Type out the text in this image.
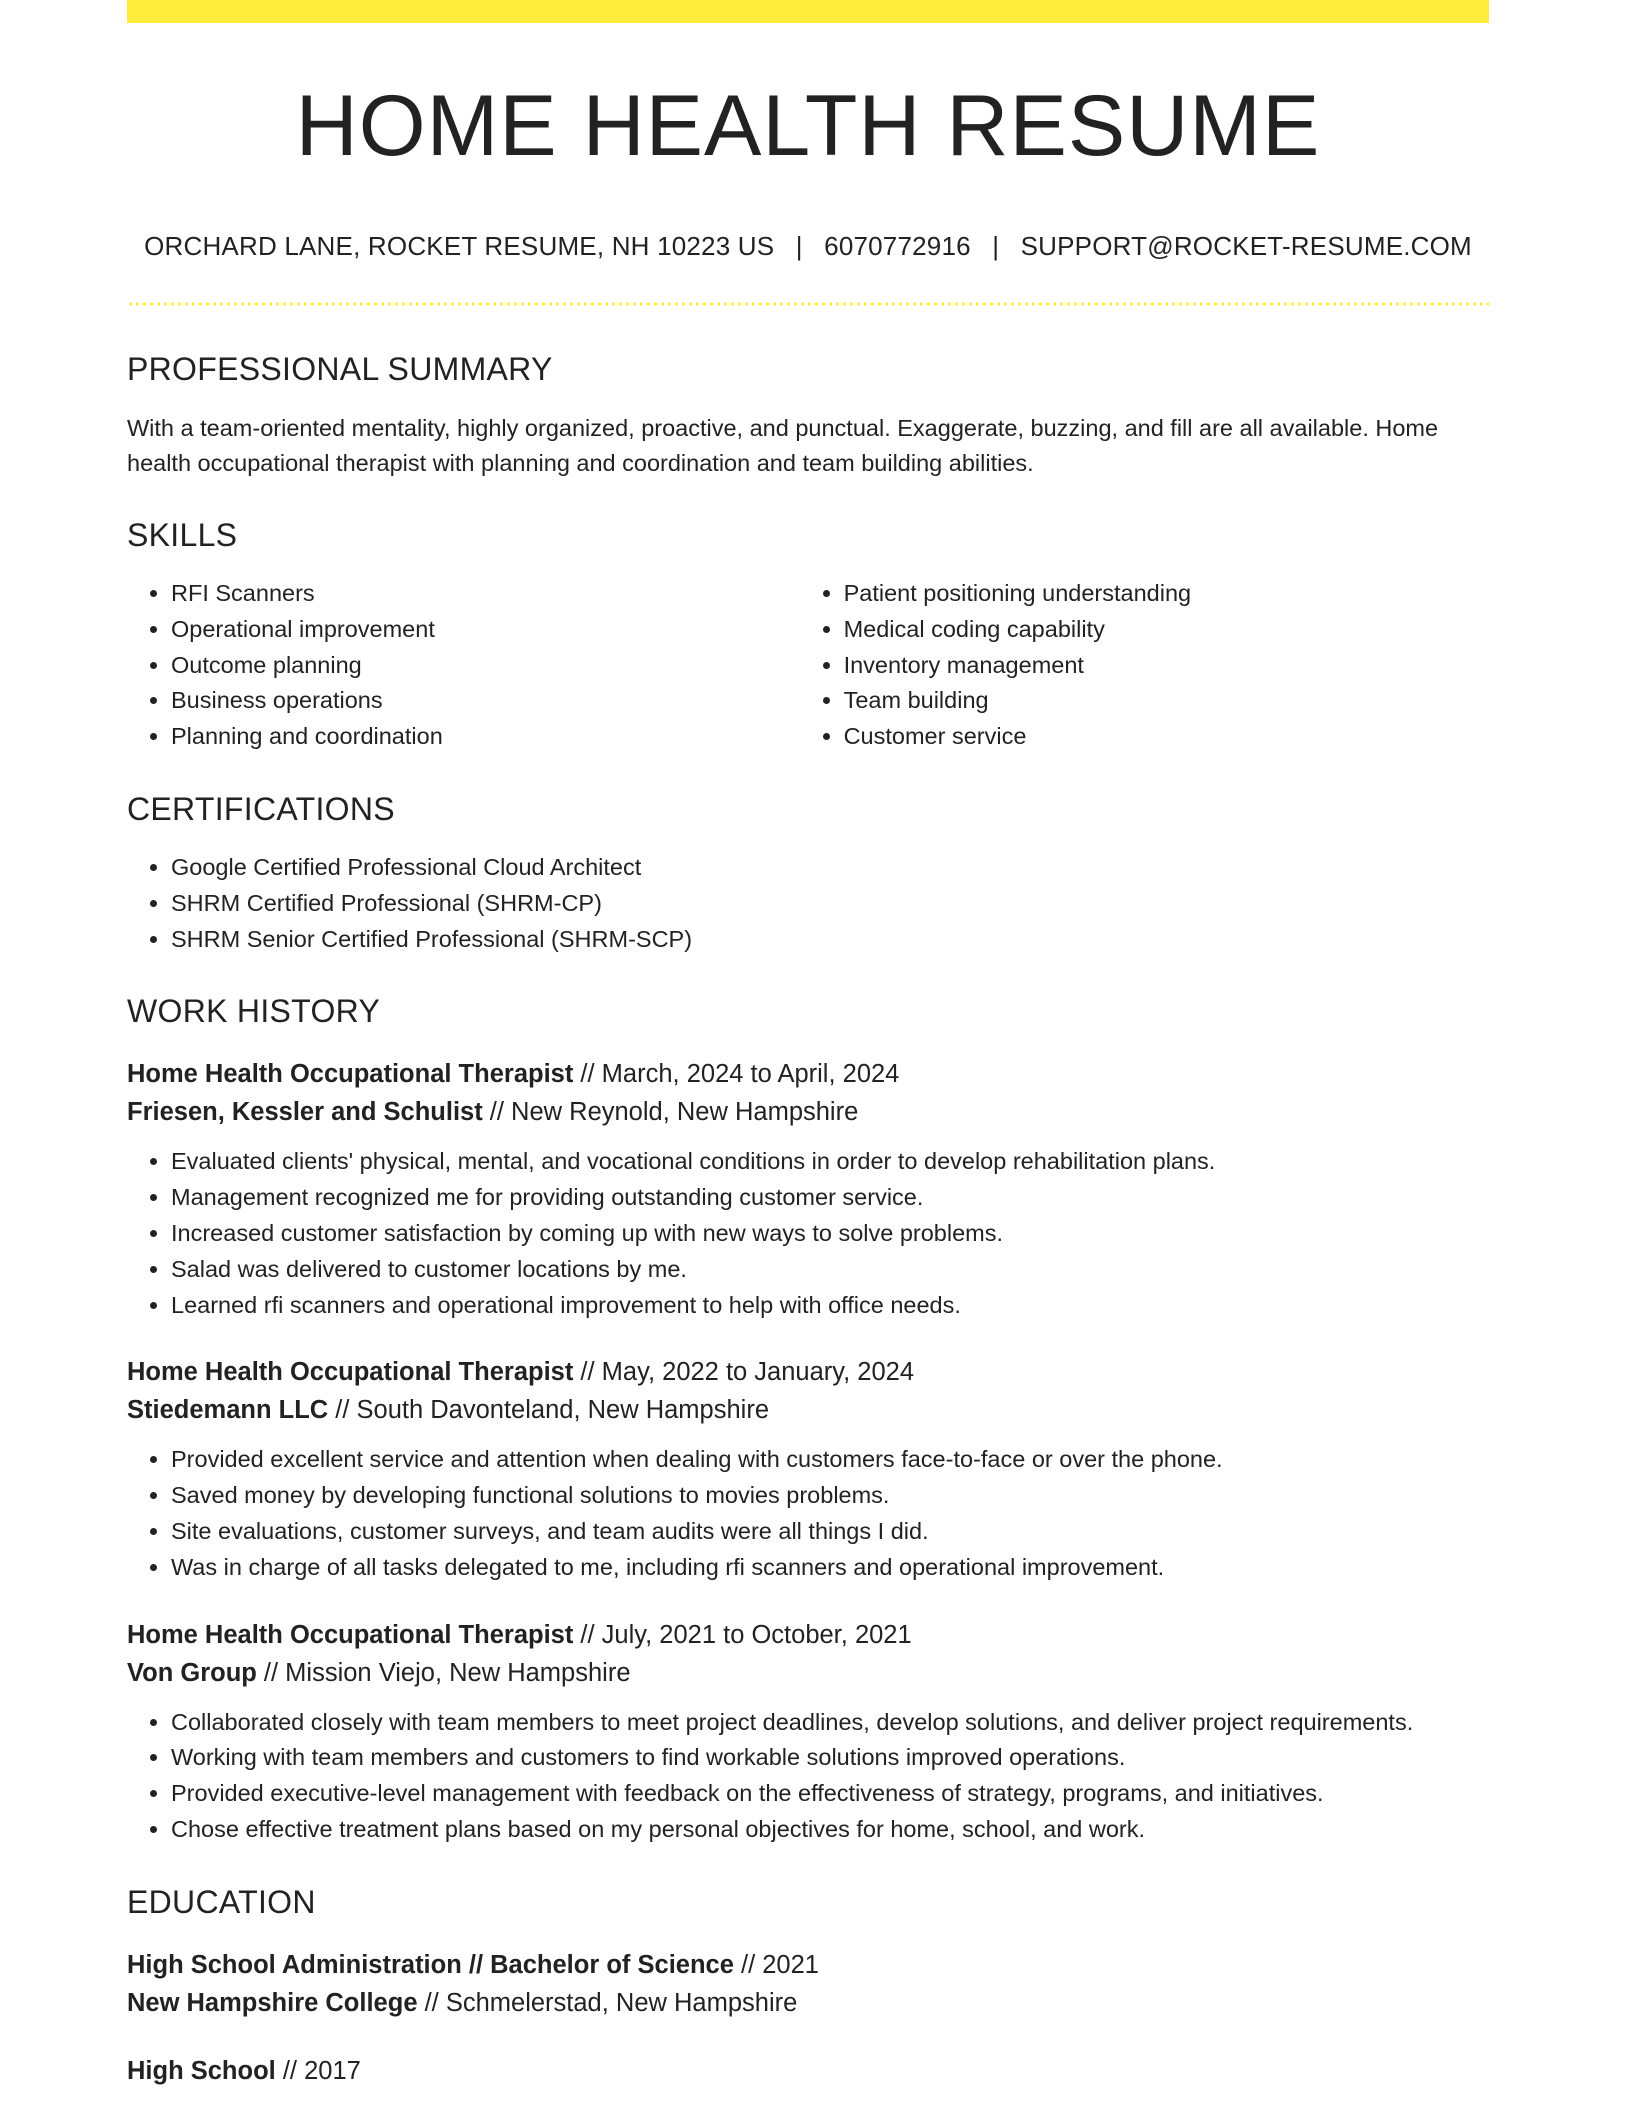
HOME HEALTH RESUME
ORCHARD LANE, ROCKET RESUME, NH 10223 US | 6070772916 | SUPPORT@ROCKET-RESUME.COM
PROFESSIONAL SUMMARY
With a team-oriented mentality, highly organized, proactive, and punctual. Exaggerate, buzzing, and fill are all available. Home health occupational therapist with planning and coordination and team building abilities.
SKILLS
• RFI Scanners
• Operational improvement
• Outcome planning
• Business operations
• Planning and coordination
• Patient positioning understanding
• Medical coding capability
• Inventory management
• Team building
• Customer service
CERTIFICATIONS
• Google Certified Professional Cloud Architect
• SHRM Certified Professional (SHRM-CP)
• SHRM Senior Certified Professional (SHRM-SCP)
WORK HISTORY
Home Health Occupational Therapist // March, 2024 to April, 2024
Friesen, Kessler and Schulist // New Reynold, New Hampshire
• Evaluated clients' physical, mental, and vocational conditions in order to develop rehabilitation plans.
• Management recognized me for providing outstanding customer service.
• Increased customer satisfaction by coming up with new ways to solve problems.
• Salad was delivered to customer locations by me.
• Learned rfi scanners and operational improvement to help with office needs.
Home Health Occupational Therapist // May, 2022 to January, 2024
Stiedemann LLC // South Davonteland, New Hampshire
• Provided excellent service and attention when dealing with customers face-to-face or over the phone.
• Saved money by developing functional solutions to movies problems.
• Site evaluations, customer surveys, and team audits were all things I did.
• Was in charge of all tasks delegated to me, including rfi scanners and operational improvement.
Home Health Occupational Therapist // July, 2021 to October, 2021
Von Group // Mission Viejo, New Hampshire
• Collaborated closely with team members to meet project deadlines, develop solutions, and deliver project requirements.
• Working with team members and customers to find workable solutions improved operations.
• Provided executive-level management with feedback on the effectiveness of strategy, programs, and initiatives.
• Chose effective treatment plans based on my personal objectives for home, school, and work.
EDUCATION
High School Administration // Bachelor of Science // 2021
New Hampshire College // Schmelerstad, New Hampshire
High School // 2017
